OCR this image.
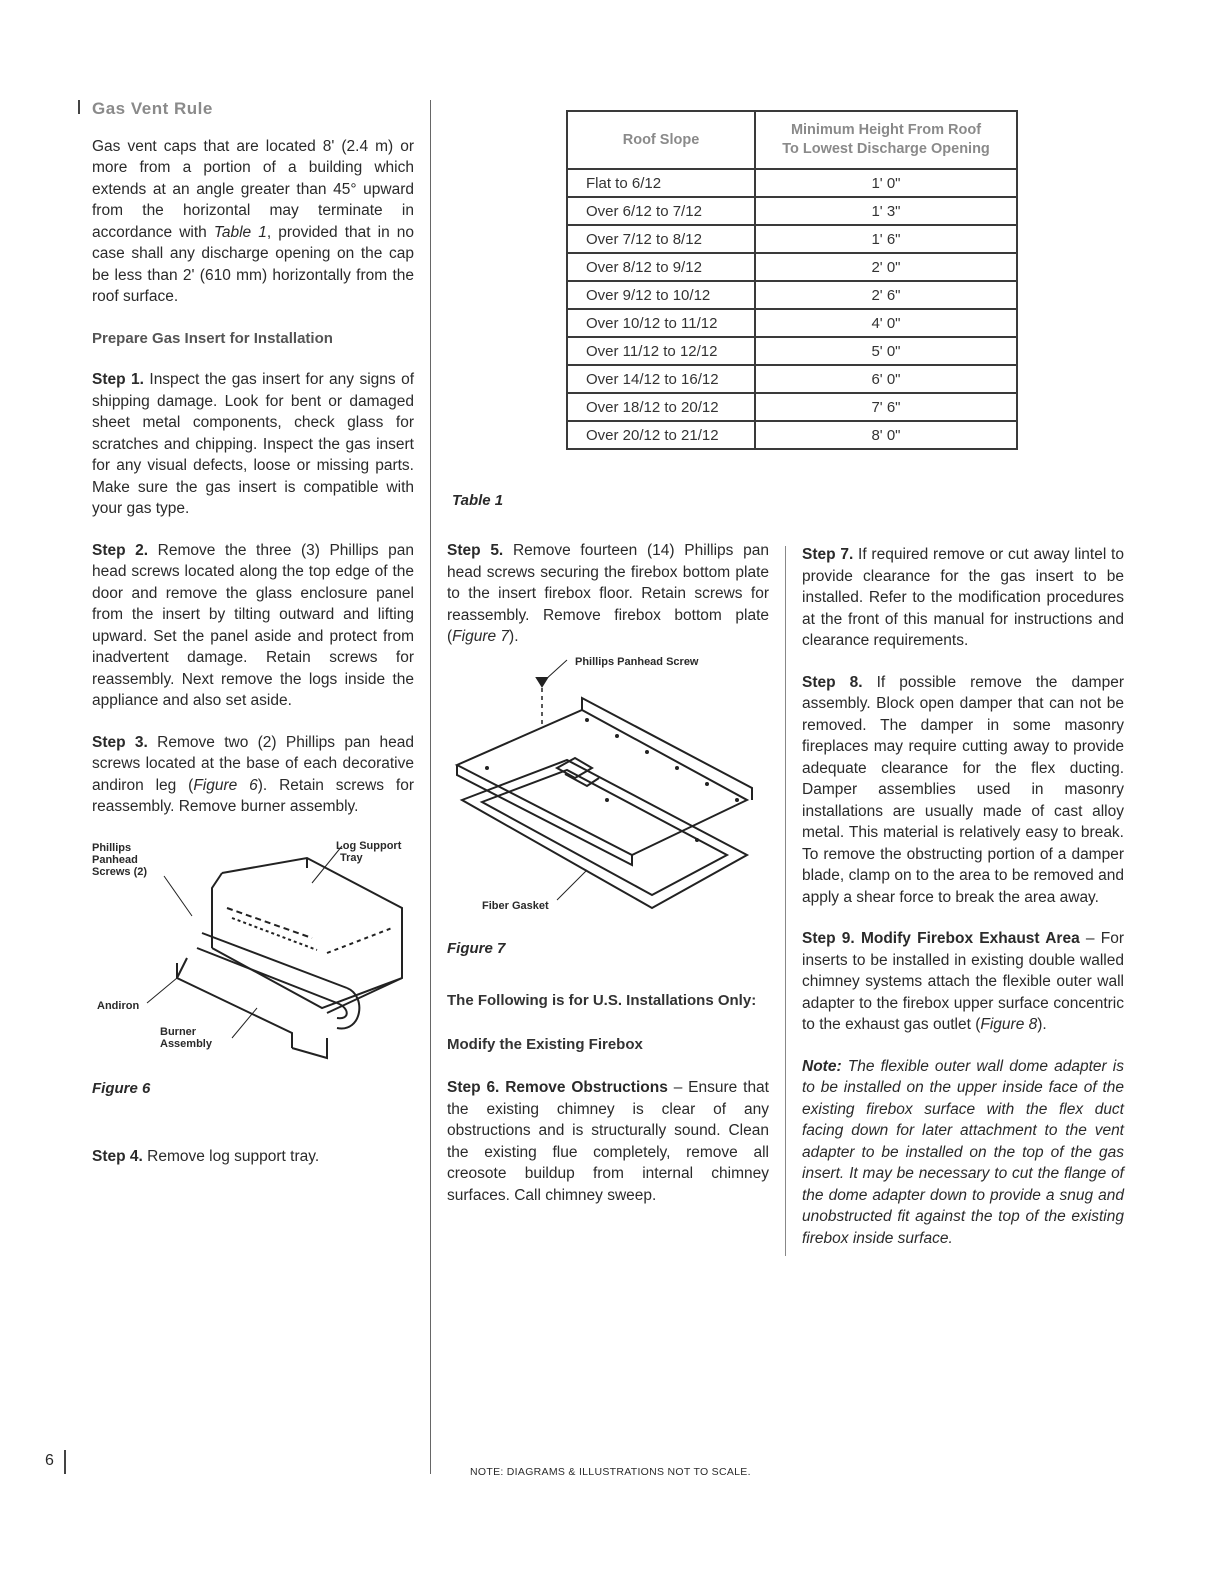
Gas Vent Rule

Gas vent caps that are located 8' (2.4 m) or more from a portion of a building which extends at an angle greater than 45° upward from the horizontal may terminate in accordance with Table 1, provided that in no case shall any discharge opening on the cap be less than 2' (610 mm) horizontally from the roof surface.

Prepare Gas Insert for Installation

Step 1. Inspect the gas insert for any signs of shipping damage. Look for bent or damaged sheet metal components, check glass for scratches and chipping. Inspect the gas insert for any visual defects, loose or missing parts. Make sure the gas insert is compatible with your gas type.

Step 2. Remove the three (3) Phillips pan head screws located along the top edge of the door and remove the glass enclosure panel from the insert by tilting outward and lifting upward. Set the panel aside and protect from inadvertent damage. Retain screws for reassembly. Next remove the logs inside the appliance and also set aside.

Step 3. Remove two (2) Phillips pan head screws located at the base of each decorative andiron leg (Figure 6). Retain screws for reassembly. Remove burner assembly.

Phillips
Panhead
Screws (2)
Log Support
Tray
Andiron
Burner
Assembly

Figure 6

Step 4. Remove log support tray.

Roof Slope	Minimum Height From Roof
To Lowest Discharge Opening

Flat to 6/12	1' 0"
Over 6/12 to 7/12	1' 3"
Over 7/12 to 8/12	1' 6"
Over 8/12 to 9/12	2' 0"
Over 9/12 to 10/12	2' 6"
Over 10/12 to 11/12	4' 0"
Over 11/12 to 12/12	5' 0"
Over 14/12 to 16/12	6' 0"
Over 18/12 to 20/12	7' 6"
Over 20/12 to 21/12	8' 0"

Table 1

Step 5. Remove fourteen (14) Phillips pan head screws securing the firebox bottom plate to the insert firebox floor. Retain screws for reassembly. Remove firebox bottom plate (Figure 7).

Phillips Panhead Screw
Fiber Gasket

Figure 7

The Following is for U.S. Installations Only:

Modify the Existing Firebox

Step 6. Remove Obstructions – Ensure that the existing chimney is clear of any obstructions and is structurally sound. Clean the existing flue completely, remove all creosote buildup from internal chimney surfaces. Call chimney sweep.

Step 7. If required remove or cut away lintel to provide clearance for the gas insert to be installed. Refer to the modification procedures at the front of this manual for instructions and clearance requirements.

Step 8. If possible remove the damper assembly. Block open damper that can not be removed. The damper in some masonry fireplaces may require cutting away to provide adequate clearance for the flex ducting. Damper assemblies used in masonry installations are usually made of cast alloy metal. This material is relatively easy to break. To remove the obstructing portion of a damper blade, clamp on to the area to be removed and apply a shear force to break the area away.

Step 9. Modify Firebox Exhaust Area – For inserts to be installed in existing double walled chimney systems attach the flexible outer wall adapter to the firebox upper surface concentric to the exhaust gas outlet (Figure 8).

Note: The flexible outer wall dome adapter is to be installed on the upper inside face of the existing firebox surface with the flex duct facing down for later attachment to the vent adapter to be installed on the top of the gas insert. It may be necessary to cut the flange of the dome adapter down to provide a snug and unobstructed fit against the top of the existing firebox inside surface.

6
NOTE: DIAGRAMS & ILLUSTRATIONS NOT TO SCALE.
